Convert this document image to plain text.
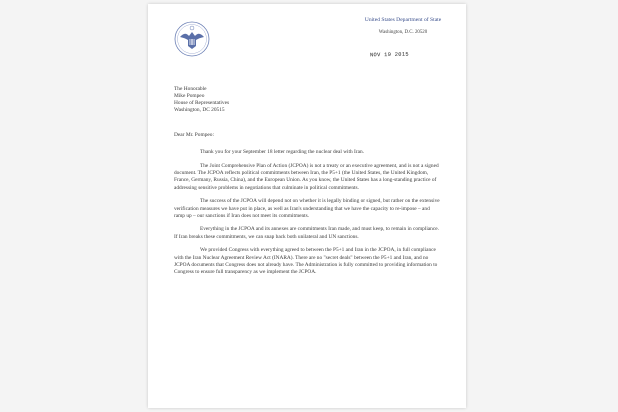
United States Department of State
Washington, D.C. 20520
NOV 19 2015
The Honorable
Mike Pompeo
House of Representatives
Washington, DC 20515
Dear Mr. Pompeo:

Thank you for your September 18 letter regarding the nuclear deal with Iran.

The Joint Comprehensive Plan of Action (JCPOA) is not a treaty or an executive agreement, and is not a signed document. The JCPOA reflects political commitments between Iran, the P5+1 (the United States, the United Kingdom, France, Germany, Russia, China), and the European Union. As you know, the United States has a long-standing practice of addressing sensitive problems in negotiations that culminate in political commitments.

The success of the JCPOA will depend not on whether it is legally binding or signed, but rather on the extensive verification measures we have put in place, as well as Iran's understanding that we have the capacity to re-impose – and ramp up – our sanctions if Iran does not meet its commitments.

Everything in the JCPOA and its annexes are commitments Iran made, and must keep, to remain in compliance. If Iran breaks these commitments, we can snap back both unilateral and UN sanctions.

We provided Congress with everything agreed to between the P5+1 and Iran in the JCPOA, in full compliance with the Iran Nuclear Agreement Review Act (INARA). There are no "secret deals" between the P5+1 and Iran, and no JCPOA documents that Congress does not already have. The Administration is fully committed to providing information to Congress to ensure full transparency as we implement the JCPOA.
